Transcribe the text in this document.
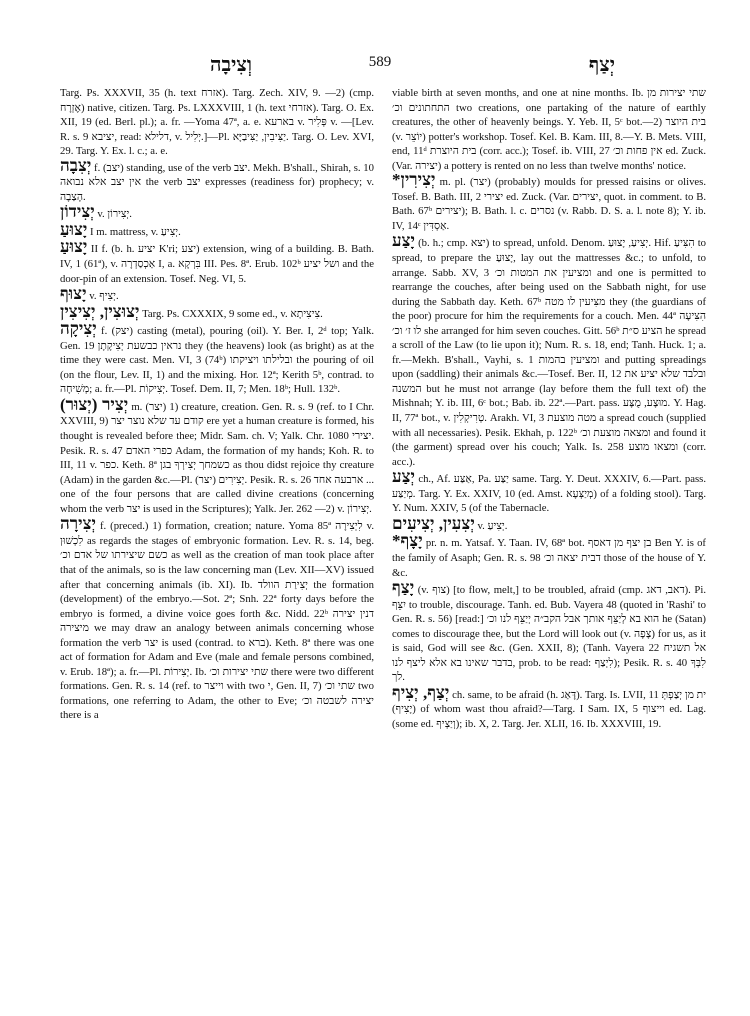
וְצִיבָה	589	יְצַף

Targ. Ps. XXXVII, 35 (h. text אזרח). Targ. Zech. XIV, 9. —2) (cmp. אֶזְרָח) native, citizen. Targ. Ps. LXXXVIII, 1 (h. text אזרחי). Targ. O. Ex. XII, 19 (ed. Berl. pl.); a. fr. —Yoma 47ª, a. e. בארעא v. פְּלִיר v. —[Lev. R. s. 9 יציבא, read: דלילא, v. יְלִיל.]—Pl. יַצִּיבִין, יַצִּיבַיָּא. Targ. O. Lev. XVI, 29. Targ. Y. Ex. l. c.; a. e.

יְצִבָה f. (יצב) standing, use of the verb יצב. Mekh. B'shall., Shirah, s. 10 אין יצב אלא נבואה the verb יצב expresses (readiness for) prophecy; v. הָצַבָה.

יְצִידוֹן v. יְצִירוֹן.

יָצוּעַ I m. mattress, v. יְצִיעַ.

יָצוּעַ II f. (b. h. יציע K'ri; יצע) extension, wing of a building. B. Bath. IV, 1 (61ª), v. אַכְסַדְרָה I, a. בִּרְקָא III. Pes. 8ª. Erub. 102ᵇ ושל יציע and the door-pin of an extension. Tosef. Neg. VI, 5.

יָצוּף v. יְצִיף.

יְצוּצִין, יְצִיצִין Targ. Ps. CXXXIX, 9 some ed., v. צִיצִיתָא.

יְצִיקָה f. (יצק) casting (metal), pouring (oil). Y. Ber. I, 2ᵈ top; Yalk. Gen. 19 נראין כבשעת יְצִיקָתָן they (the heavens) look (as bright) as at the time they were cast. Men. VI, 3 (74ᵇ) ובלילתו ויציקתו the pouring of oil (on the flour, Lev. II, 1) and the mixing. Hor. 12ª; Kerith 5ᵇ, contrad. to מְשִׁיחָה; a. fr.—Pl. יְצִיקוֹת. Tosef. Dem. II, 7; Men. 18ᵇ; Hull. 132ᵇ.

יְצִיר (יְצוּר) m. (יצר) 1) creature, creation. Gen. R. s. 9 (ref. to I Chr. XXVIII, 9) קודם עד שלא נוצר יצר ere yet a human creature is formed, his thought is revealed before thee; Midr. Sam. ch. V; Yalk. Chr. 1080 יצירי. Pesik. R. s. 47 כפרי האדם Adam, the formation of my hands; Koh. R. to III, 11 v. כפר. Keth. 8ª כשמחך יְצִירְךָ בגן as thou didst rejoice thy creature (Adam) in the garden &c.—Pl. יְצִירִים (יצר). Pesik. R. s. 26 ארבעה אחד ... one of the four persons that are called divine creations (concerning whom the verb יצר is used in the Scriptures); Yalk. Jer. 262 —2) v. יְצִירוֹן.

יְצִירָה f. (preced.) 1) formation, creation; nature. Yoma 85ª לִיְצִירָה v. לִכְשׁוּן as regards the stages of embryonic formation. Lev. R. s. 14, beg. כשם שיצירתו של אדם וכ׳ as well as the creation of man took place after that of the animals, so is the law concerning man (Lev. XII—XV) issued after that concerning animals (ib. XI). Ib. יְצִירַת הוולד the formation (development) of the embryo.—Sot. 2ª; Snh. 22ª forty days before the embryo is formed, a divine voice goes forth &c. Nidd. 22ᵇ דנין יצירה מיצירה we may draw an analogy between animals concerning whose formation the verb יצר is used (contrad. to ברא). Keth. 8ª there was one act of formation for Adam and Eve (male and female persons combined, v. Erub. 18ª); a. fr.—Pl. יְצִירוֹת. Ib. שתי יצירות וכ׳ there were two different formations. Gen. R. s. 14 (ref. to וייצר with two י, Gen. II, 7) שתי וכ׳ two formations, one referring to Adam, the other to Eve; יצירה לשבטה וכ׳ there is a

viable birth at seven months, and one at nine months. Ib. שתי יצירות מן התחתונים וכ׳ two creations, one partaking of the nature of earthly creatures, the other of heavenly beings. Y. Yeb. II, 5ᶜ bot.—2) בית היוצר (v. יוֹצֵר) potter's workshop. Tosef. Kel. B. Kam. III, 8.—Y. B. Mets. VIII, end, 11ᵈ בית היוצרת (corr. acc.); Tosef. ib. VIII, 27 אין פחות וכ׳ ed. Zuck. (Var. יצירה) a pottery is rented on no less than twelve months' notice.

*יְצִירִין m. pl. (יצר) (probably) moulds for pressed raisins or olives. Tosef. B. Bath. III, 2 יצירי ed. Zuck. (Var. יצירים, quot. in comment. to B. Bath. 67ᵇ יצירים); B. Bath. l. c. נסרים (v. Rabb. D. S. a. l. note 8); Y. ib. IV, 14ᶜ אַסְדִּין.

יָצַע (b. h.; cmp. יצא) to spread, unfold. Denom. יְצִיעַ, יָצוּעַ. Hif. הִצִּיעַ to spread, to prepare the יָצוּעַ, lay out the mattresses &c.; to unfold, to arrange. Sabb. XV, 3 ומציעין את המטות וכ׳ and one is permitted to rearrange the couches, after being used on the Sabbath night, for use during the Sabbath day. Keth. 67ᵇ מצִּיעין לו מטה they (the guardians of the poor) procure for him the requirements for a couch. Men. 44ª הִצִּיעָה לו ז׳ וכ׳ she arranged for him seven couches. Gitt. 56ᵇ הציע ס״ת he spread a scroll of the Law (to lie upon it); Num. R. s. 18, end; Tanh. Huck. 1; a. fr.—Mekh. B'shall., Vayhi, s. 1 ומציעין בהמות and putting spreadings upon (saddling) their animals &c.—Tosef. Ber. II, 12 ובלבד שלא יציע את המשנה but he must not arrange (lay before them the full text of) the Mishnah; Y. ib. III, 6ᶜ bot.; Bab. ib. 22ª.—Part. pass. מוּצָע, מֻצָּע. Y. Hag. II, 77ª bot., v. טְרִיקְלִין. Arakh. VI, 3 מטה מוצעת a spread couch (supplied with all necessaries). Pesik. Ekhah, p. 122ᵇ ומצאה מוצעת וכ׳ and found it (the garment) spread over his couch; Yalk. Is. 258 ומצאו מוצע (corr. acc.).

יְצַע ch., Af. אַצַּע, Pa. יַצַּע same. Targ. Y. Deut. XXXIV, 6.—Part. pass. מְיַצַּע. Targ. Y. Ex. XXIV, 10 (ed. Amst. מְיַצְּעָא) of a folding stool). Targ. Y. Num. XXIV, 5 (of the Tabernacle.

יְצִעִין, יְצִיעִים v. יְצִיעַ.

*יָצָף pr. n. m. Yatsaf. Y. Taan. IV, 68ª bot. בן יצף מן דאסף Ben Y. is of the family of Asaph; Gen. R. s. 98 דבית יצאה וכ׳ those of the house of Y. &c.

יָצַף (v. צוף) [to flow, melt,] to be troubled, afraid (cmp. דאב, דאג). Pi. יִצֵּף to trouble, discourage. Tanh. ed. Bub. Vayera 48 (quoted in 'Rashi' to Gen. R. s. 56) [read:] הוא בא לְיַצֵּף אותך אבל הקב״ה יְיַצֵּף לנו וכ׳ he (Satan) comes to discourage thee, but the Lord will look out (v. צָפָה) for us, as it is said, God will see &c. (Gen. XXII, 8); (Tanh. Vayera 22 אל תשגיח בדבר שאינו בא אלא ליצף לנו, prob. to be read: לִיְצַף); Pesik. R. s. 40 לִבְּךָ לך.

יְצַף, יְצִיף ch. same, to be afraid (h. דָּאַג). Targ. Is. LVII, 11 ית מן יְצַפְתְּ (יָצִיף) of whom wast thou afraid?—Targ. I Sam. IX, 5 וייצוף ed. Lag. (some ed. וְיַצְיף); ib. X, 2. Targ. Jer. XLII, 16. Ib. XXXVIII, 19.
